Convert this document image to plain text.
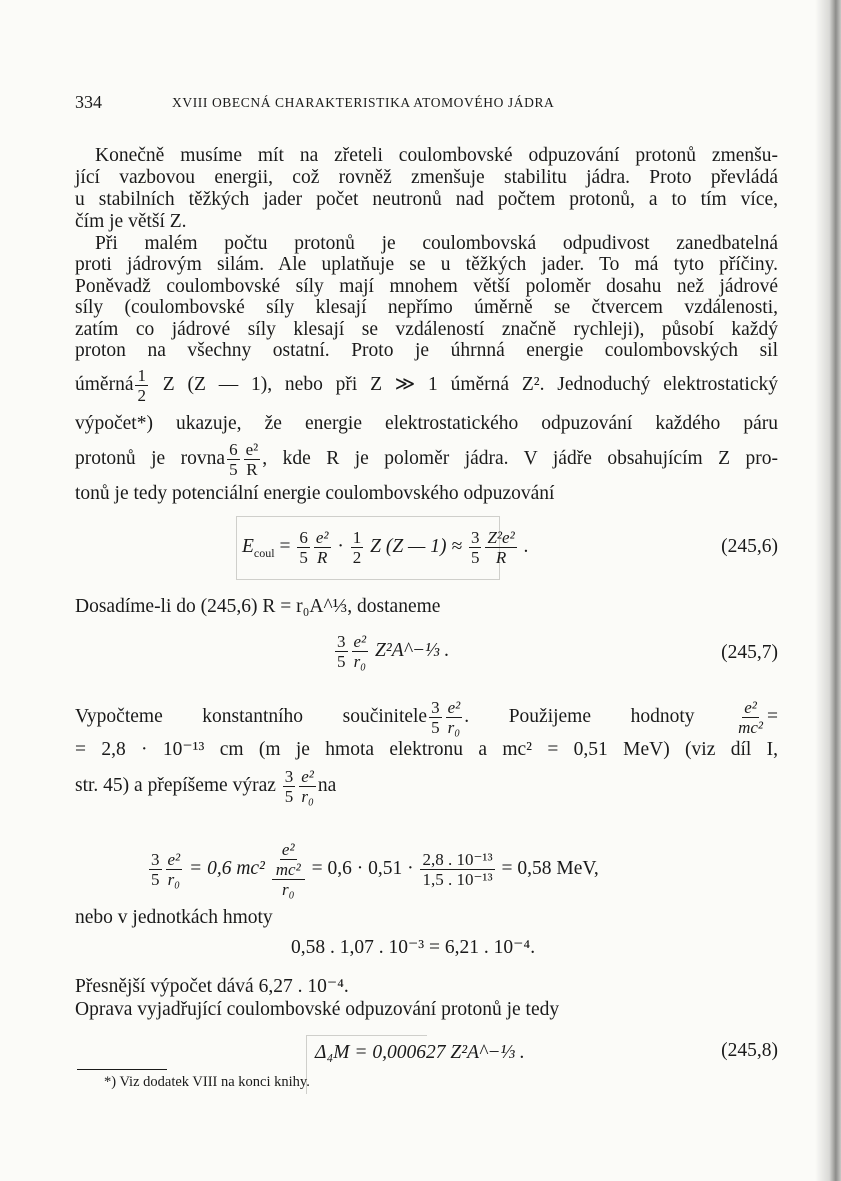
334	XVIII OBECNÁ CHARAKTERISTIKA ATOMOVÉHO JÁDRA
Konečně musíme mít na zřeteli coulombovské odpuzování protonů zmenšu-
jící vazbovou energii, což rovněž zmenšuje stabilitu jádra. Proto převládá
u stabilních těžkých jader počet neutronů nad počtem protonů, a to tím více,
čím je větší Z.
Při malém počtu protonů je coulombovská odpudivost zanedbatelná
proti jádrovým silám. Ale uplatňuje se u těžkých jader. To má tyto příčiny.
Poněvadž coulombovské síly mají mnohem větší poloměr dosahu než jádrové
síly (coulombovské síly klesají nepřímo úměrně se čtvercem vzdálenosti,
zatím co jádrové síly klesají se vzdáleností značně rychleji), působí každý
proton na všechny ostatní. Proto je úhrnná energie coulombovských sil
úměrná $\frac{1}{2}$ Z (Z — 1), nebo při Z ≫ 1 úměrná Z². Jednoduchý elektrostatický
výpočet*) ukazuje, že energie elektrostatického odpuzování každého páru
protonů je rovna $\frac{6}{5} \frac{\text{e²}}{R}$ , kde R je poloměr jádra. V jádře obsahujícím Z pro-
tonů je tedy potenciální energie coulombovského odpuzování
$E_{coul} = \frac{6}{5} \frac{\text{e²}}{R} \cdot \frac{1}{2}$ Z (Z — $1) \approx \frac{3}{5} \frac{\text{Z²e²}}{R}$ .	(245,6)
Dosadíme-li do (245,6) R = r₀A^⅓, dostaneme
$\frac{3}{5} \frac{\text{e²}}{\text{r₀}}$ Z²A^−⅓ .	(245,7)
Vypočteme konstantního součinitele $\frac{3}{5} \frac{\text{e²}}{\text{r₀}}$ . Použijeme hodnoty $\frac{\text{e²}}{\text{mc²}}$ =
= 2,8 · 10⁻¹³ cm (m je hmota elektronu a mc² = 0,51 MeV) (viz díl I,
str. 45) a přepíšeme výraz $\frac{3}{5} \frac{\text{e²}}{\text{r₀}}$ na
$\frac{3}{5} \frac{\text{e²}}{\text{r₀}} = 0,6$ $mc^2 \frac{\frac{\text{e²}}{\text{mc²}}}{\text{r₀}} = 0,6 \cdot 0,51 \cdot \frac{\text{2,8 . 10⁻¹³}}{\text{1,5 . 10⁻¹³}} = 0,58$ MeV,
nebo v jednotkách hmoty
0,58 . 1,07 . 10⁻³ = 6,21 . 10⁻⁴.
Přesnější výpočet dává 6,27 . 10⁻⁴.
Oprava vyjadřující coulombovské odpuzování protonů je tedy
Δ₄M = 0,000627 Z²A^−⅓ .	(245,8)
*) Viz dodatek VIII na konci knihy.
